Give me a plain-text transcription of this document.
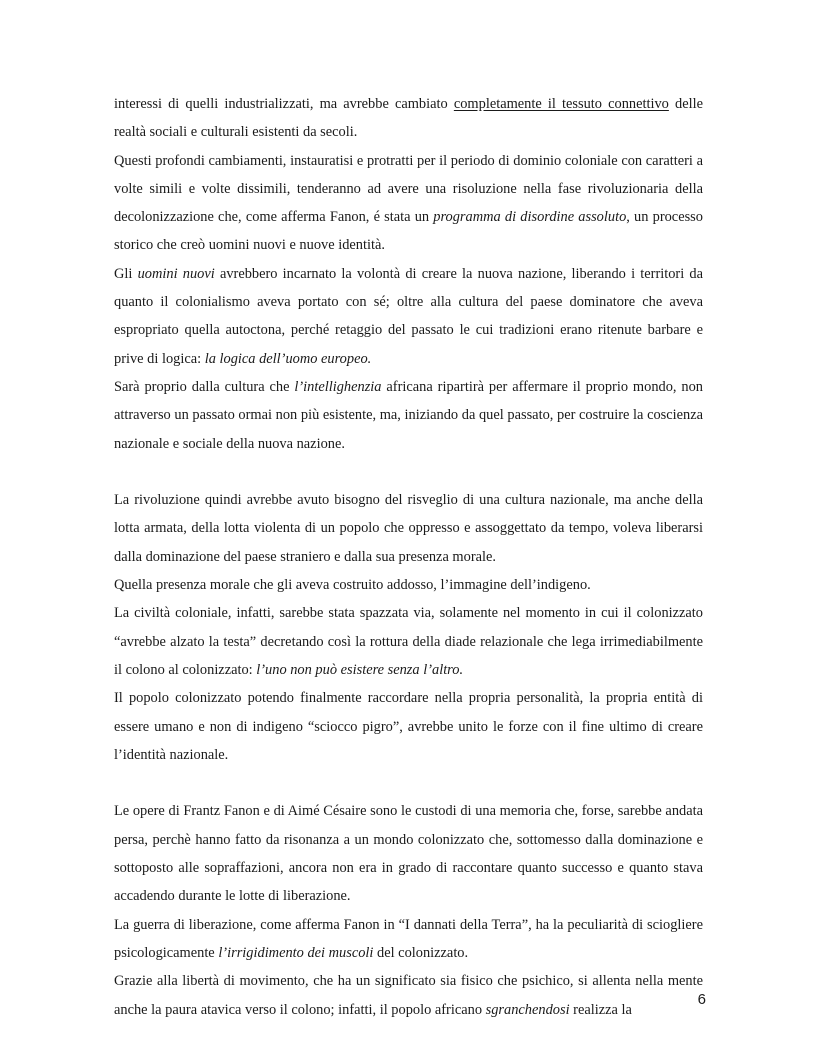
interessi di quelli industrializzati, ma avrebbe cambiato completamente il tessuto connettivo delle realtà sociali e culturali esistenti da secoli.

Questi profondi cambiamenti, instauratisi e protratti per il periodo di dominio coloniale con caratteri a volte simili e volte dissimili, tenderanno ad avere una risoluzione nella fase rivoluzionaria della decolonizzazione che, come afferma Fanon, é stata un programma di disordine assoluto, un processo storico che creò uomini nuovi e nuove identità.

Gli uomini nuovi avrebbero incarnato la volontà di creare la nuova nazione, liberando i territori da quanto il colonialismo aveva portato con sé; oltre alla cultura del paese dominatore che aveva espropriato quella autoctona, perché retaggio del passato le cui tradizioni erano ritenute barbare e prive di logica: la logica dell’uomo europeo.

Sarà proprio dalla cultura che l’intellighenzia africana ripartirà per affermare il proprio mondo, non attraverso un passato ormai non più esistente, ma, iniziando da quel passato, per costruire la coscienza nazionale e sociale della nuova nazione.

La rivoluzione quindi avrebbe avuto bisogno del risveglio di una cultura nazionale, ma anche della lotta armata, della lotta violenta di un popolo che oppresso e assoggettato da tempo, voleva liberarsi dalla dominazione del paese straniero e dalla sua presenza morale.

Quella presenza morale che gli aveva costruito addosso, l’immagine dell’indigeno.

La civiltà coloniale, infatti, sarebbe stata spazzata via, solamente nel momento in cui il colonizzato “avrebbe alzato la testa” decretando così la rottura della diade relazionale che lega irrimediabilmente il colono al colonizzato: l’uno non può esistere senza l’altro.

Il popolo colonizzato potendo finalmente raccordare nella propria personalità, la propria entità di essere umano e non di indigeno “sciocco pigro”, avrebbe unito le forze con il fine ultimo di creare l’identità nazionale.

Le opere di Frantz Fanon e di Aimé Césaire sono le custodi di una memoria che, forse, sarebbe andata persa, perchè hanno fatto da risonanza a un mondo colonizzato che, sottomesso dalla dominazione e sottoposto alle sopraffazioni, ancora non era in grado di raccontare quanto successo e quanto stava accadendo durante le lotte di liberazione.

La guerra di liberazione, come afferma Fanon in “I dannati della Terra”, ha la peculiarità di sciogliere psicologicamente l’irrigidimento dei muscoli del colonizzato.

Grazie alla libertà di movimento, che ha un significato sia fisico che psichico, si allenta nella mente anche la paura atavica verso il colono; infatti, il popolo africano sgranchendosi realizza la

6
